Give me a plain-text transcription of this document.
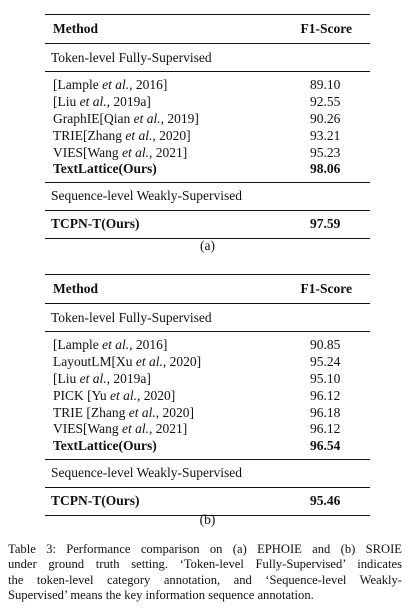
Method	F1-Score
Token-level Fully-Supervised
[Lample et al., 2016]	89.10
[Liu et al., 2019a]	92.55
GraphIE[Qian et al., 2019]	90.26
TRIE[Zhang et al., 2020]	93.21
VIES[Wang et al., 2021]	95.23
TextLattice(Ours)	98.06
Sequence-level Weakly-Supervised
TCPN-T(Ours)	97.59
(a)
Method	F1-Score
Token-level Fully-Supervised
[Lample et al., 2016]	90.85
LayoutLM[Xu et al., 2020]	95.24
[Liu et al., 2019a]	95.10
PICK [Yu et al., 2020]	96.12
TRIE [Zhang et al., 2020]	96.18
VIES[Wang et al., 2021]	96.12
TextLattice(Ours)	96.54
Sequence-level Weakly-Supervised
TCPN-T(Ours)	95.46
(b)
Table 3: Performance comparison on (a) EPHOIE and (b) SROIE
under ground truth setting. ‘Token-level Fully-Supervised’ indicates
the token-level category annotation, and ‘Sequence-level Weakly-
Supervised’ means the key information sequence annotation.
